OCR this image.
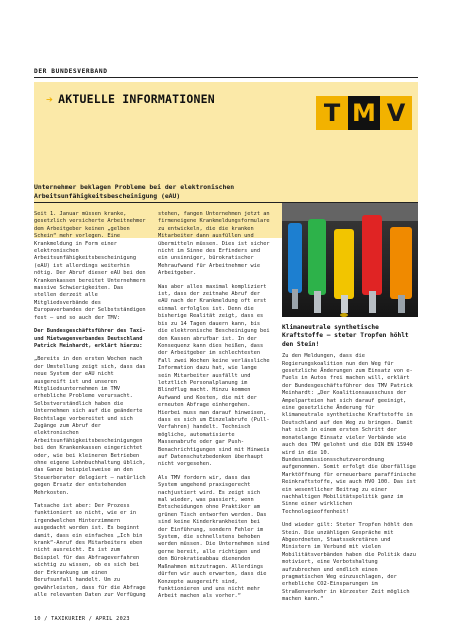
DER BUNDESVERBAND
➔ AKTUELLE INFORMATIONEN	T M V
Unternehmer beklagen Probleme bei der elektronischen Arbeitsunfähigkeitsbescheinigung (eAU)

Seit 1. Januar müssen kranke, gesetzlich versicherte Arbeitnehmer dem Arbeitgeber keinen „gelben Schein“ mehr vorlegen. Eine Krankmeldung in Form einer elektronischen Arbeitsunfähigkeitsbescheinigung (eAU) ist allerdings weiterhin nötig. Der Abruf dieser eAU bei den Krankenkassen bereitet Unternehmern massive Schwierigkeiten. Das stellen derzeit alle Mitgliedsverbände des Europaverbandes der Selbstständigen fest – und so auch der TMV:

Der Bundesgeschäftsführer des Taxi- und Mietwagenverbandes Deutschland Patrick Meinhardt, erklärt hierzu:

„Bereits in den ersten Wochen nach der Umstellung zeigt sich, dass das neue System der eAU nicht ausgereift ist und unseren Mitgliedsunternehmen im TMV erhebliche Probleme verursacht. Selbstverständlich haben die Unternehmen sich auf die geänderte Rechtslage vorbereitet und sich Zugänge zum Abruf der elektronischen Arbeitsunfähigkeitsbescheinigungen bei den Krankenkassen eingerichtet oder, wie bei kleineren Betrieben ohne eigene Lohnbuchhaltung üblich, das Ganze beispielsweise an den Steuerberater delegiert – natürlich gegen Ersatz der entstehenden Mehrkosten.

Tatsache ist aber: Der Prozess funktioniert so nicht, wie er in irgendwelchen Hinterzimmern ausgedacht worden ist. Es beginnt damit, dass ein einfaches „Ich bin krank“-Anruf des Mitarbeiters eben nicht ausreicht. Es ist zum Beispiel für das Abfrageverfahren wichtig zu wissen, ob es sich bei der Erkrankung um einen Berufsunfall handelt. Um zu gewährleisten, dass für die Abfrage alle relevanten Daten zur Verfügung

stehen, fangen Unternehmen jetzt an firmeneigene Krankmeldungsformulare zu entwickeln, die die kranken Mitarbeiter dann ausfüllen und übermitteln müssen. Dies ist sicher nicht im Sinne des Erfinders und ein unsinniger, bürokratischer Mehraufwand für Arbeitnehmer wie Arbeitgeber.

Was aber alles maximal kompliziert ist, dass der zeitnahe Abruf der eAU nach der Krankmeldung oft erst einmal erfolglos ist. Denn die bisherige Realität zeigt, dass es bis zu 14 Tagen dauern kann, bis die elektronische Bescheinigung bei den Kassen abrufbar ist. In der Konsequenz kann dies heißen, dass der Arbeitgeber im schlechtesten Fall zwei Wochen keine verlässliche Information dazu hat, wie lange sein Mitarbeiter ausfällt und letztlich Personalplanung im Blindflug macht. Hinzu kommen Aufwand und Kosten, die mit der erneuten Abfrage einhergehen. Hierbei muss man darauf hinweisen, dass es sich um Einzelabrufe (Pull-Verfahren) handelt. Technisch mögliche, automatisierte Massenabrufe oder gar Push-Benachrichtigungen sind mit Hinweis auf Datenschutzbedenken überhaupt nicht vorgesehen.

Als TMV fordern wir, dass das System umgehend praxisgerecht nachjustiert wird. Es zeigt sich mal wieder, was passiert, wenn Entscheidungen ohne Praktiker am grünen Tisch entworfen werden. Das sind keine Kinderkrankheiten bei der Einführung, sondern Fehler im System, die schnellstens behoben werden müssen. Die Unternehmen sind gerne bereit, alle richtigen und den Bürokratieabbau dienenden Maßnahmen mitzutragen. Allerdings dürfen wir auch erwarten, dass die Konzepte ausgereift sind, funktionieren und uns nicht mehr Arbeit machen als vorher.“

Klimaneutrale synthetische Kraftstoffe – steter Tropfen höhlt den Stein!

Zu den Meldungen, dass die Regierungskoalition nun den Weg für gesetzliche Änderungen zum Einsatz von e-Fuels in Autos frei machen will, erklärt der Bundesgeschäftsführer des TMV Patrick Meinhardt: „Der Koalitionsausschuss der Ampelparteien hat sich darauf geeinigt, eine gesetzliche Änderung für klimaneutrale synthetische Kraftstoffe in Deutschland auf den Weg zu bringen. Damit hat sich in einem ersten Schritt der monatelange Einsatz vieler Verbände wie auch des TMV gelohnt und die DIN EN 15940 wird in die 10. Bundesimmissionsschutzverordnung aufgenommen. Somit erfolgt die überfällige Marktöffnung für erneuerbare paraffinische Reinkraftstoffe, wie auch HVO 100. Das ist ein wesentlicher Beitrag zu einer nachhaltigen Mobilitätspolitik ganz im Sinne einer wirklichen Technologieoffenheit!

Und wieder gilt: Steter Tropfen höhlt den Stein. Die unzähligen Gespräche mit Abgeordneten, Staatssekretären und Ministern im Verbund mit vielen Mobilitätsverbänden haben die Politik dazu motiviert, eine Verbotshaltung aufzubrechen und endlich einen pragmatischen Weg einzuschlagen, der erhebliche CO2-Einsparungen im Straßenverkehr in kürzester Zeit möglich machen kann.“

10 / TAXIKURIER / APRIL 2023
